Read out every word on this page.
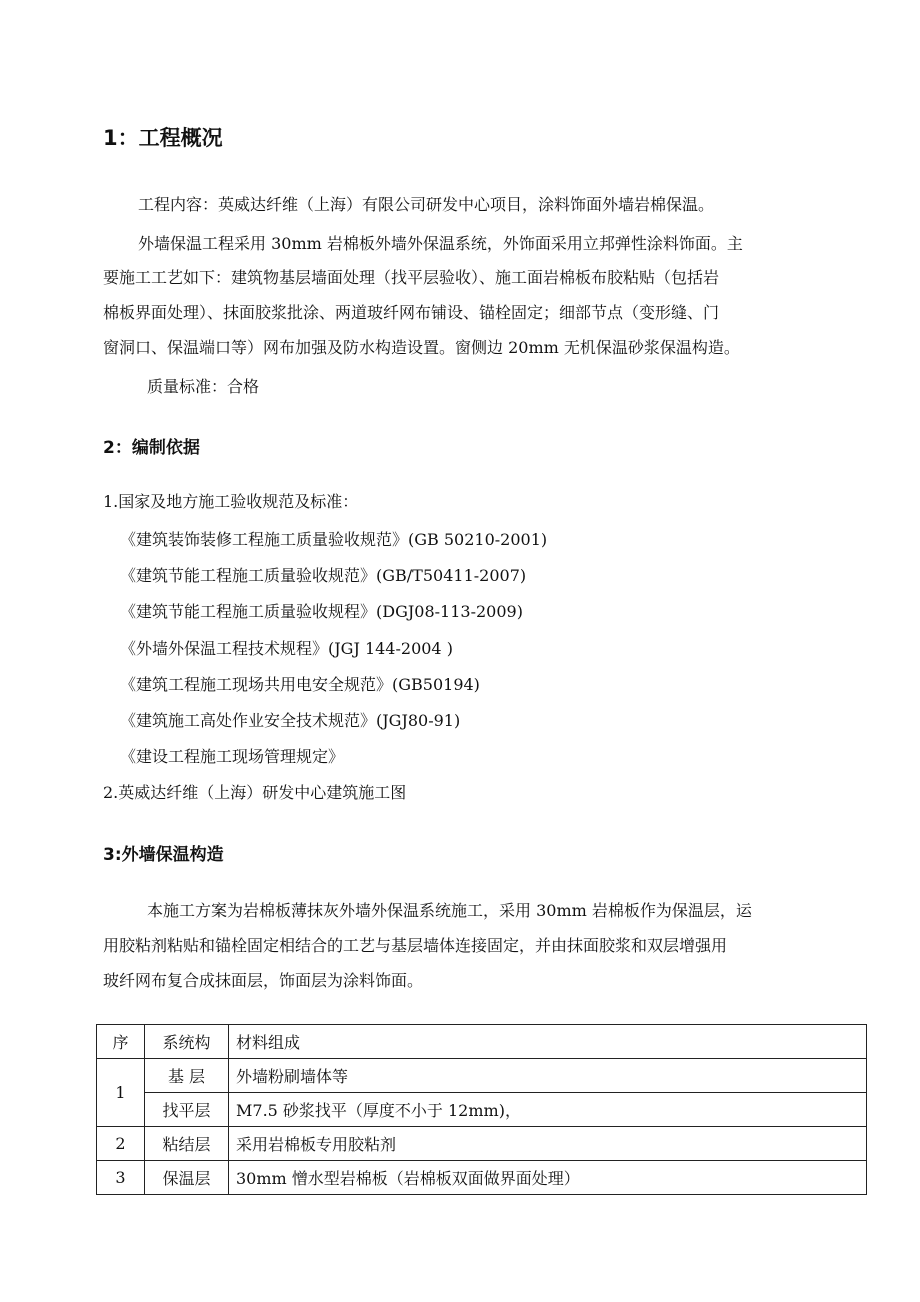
1：工程概况
工程内容：英威达纤维（上海）有限公司研发中心项目，涂料饰面外墙岩棉保温。
外墙保温工程采用 30mm 岩棉板外墙外保温系统，外饰面采用立邦弹性涂料饰面。主
要施工工艺如下：建筑物基层墙面处理（找平层验收）、施工面岩棉板布胶粘贴（包括岩
棉板界面处理）、抹面胶浆批涂、两道玻纤网布铺设、锚栓固定；细部节点（变形缝、门
窗洞口、保温端口等）网布加强及防水构造设置。窗侧边 20mm 无机保温砂浆保温构造。
质量标准：合格
2：编制依据
1.国家及地方施工验收规范及标准：
《建筑装饰装修工程施工质量验收规范》(GB 50210-2001)
《建筑节能工程施工质量验收规范》(GB/T50411-2007)
《建筑节能工程施工质量验收规程》(DGJ08-113-2009)
《外墙外保温工程技术规程》(JGJ 144-2004 )
《建筑工程施工现场共用电安全规范》(GB50194)
《建筑施工高处作业安全技术规范》(JGJ80-91)
《建设工程施工现场管理规定》
2.英威达纤维（上海）研发中心建筑施工图
3:外墙保温构造
本施工方案为岩棉板薄抹灰外墙外保温系统施工，采用 30mm 岩棉板作为保温层，运
用胶粘剂粘贴和锚栓固定相结合的工艺与基层墙体连接固定，并由抹面胶浆和双层增强用
玻纤网布复合成抹面层，饰面层为涂料饰面。
序	系统构	材料组成
1	基 层	外墙粉刷墙体等
	找平层	M7.5 砂浆找平（厚度不小于 12mm)，
2	粘结层	采用岩棉板专用胶粘剂
3	保温层	30mm 憎水型岩棉板（岩棉板双面做界面处理）
